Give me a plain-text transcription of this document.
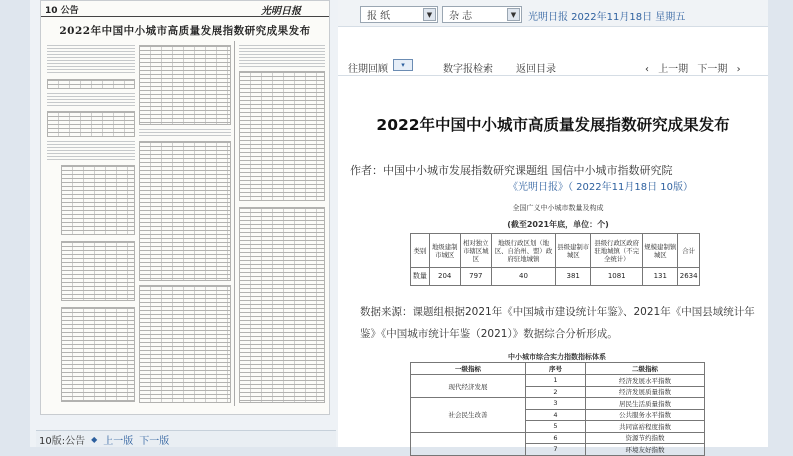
10 公告	光明日报
2022年中国中小城市高质量发展指数研究成果发布
10版:公告 ◆ 上一版 下一版
报 纸	▼	杂 志	▼	光明日报 2022年11月18日 星期五
往期回顾	▾	数字报检索 返回目录
2022年中国中小城市高质量发展指数研究成果发布
作者：中国中小城市发展指数研究课题组 国信中小城市指数研究院
《光明日报》（ 2022年11月18日 10版）
全国广义中小城市数量及构成
(截至2021年底，单位：个)
类别	地级建制市城区	相对独立市辖区城区	地级行政区划（地区、自治州、盟）政府驻地城镇	县级建制市城区	县级行政区政府驻地城镇（不完全统计）	规模建制镇城区	合计
数量	204	797	40	381	1081	131	2634
数据来源：课题组根据2021年《中国城市建设统计年鉴》、2021年《中国县域统计年鉴》《中国城市统计年鉴（2021）》数据综合分析形成。
中小城市综合实力指数指标体系
一级指标	序号	二级指标
现代经济发展	1	经济发展水平指数
	2	经济发展质量指数
社会民生改善	3	居民生活质量指数
	4	公共服务水平指数
	5	共同富裕程度指数
	6	资源节约指数
	7	环境友好指数
‹ 上一期 下一期 ›
